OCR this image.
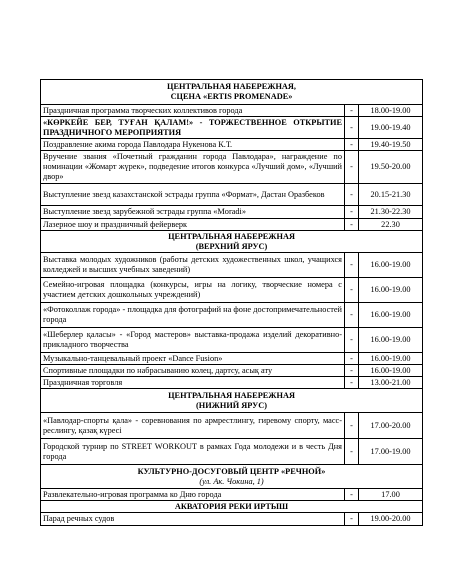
ЦЕНТРАЛЬНАЯ НАБЕРЕЖНАЯ,
СЦЕНА «ERTIS PROMENADE»		
Праздничная программа творческих коллективов города	-	18.00-19.00
«КӨРКЕЙЕ БЕР, ТУҒАН ҚАЛАМ!» - ТОРЖЕСТВЕННОЕ ОТКРЫТИЕ ПРАЗДНИЧНОГО МЕРОПРИЯТИЯ	-	19.00-19.40
Поздравление акима города Павлодара Нукенова К.Т.	-	19.40-19.50
Вручение звания «Почетный гражданин города Павлодара», награждение по номинации «Жомарт жүрек», подведение итогов конкурса «Лучший дом», «Лучший двор»	-	19.50-20.00
Выступление звезд казахстанской эстрады группа «Формат», Дастан Оразбеков	-	20.15-21.30
Выступление звезд зарубежной эстрады группа «Moradi»	-	21.30-22.30
Лазерное шоу и праздничный фейерверк	-	22.30
ЦЕНТРАЛЬНАЯ НАБЕРЕЖНАЯ
(ВЕРХНИЙ ЯРУС)		
Выставка молодых художников (работы детских художественных школ, учащихся колледжей и высших учебных заведений)	-	16.00-19.00
Семейно-игровая площадка (конкурсы, игры на логику, творческие номера с участием детских дошкольных учреждений)	-	16.00-19.00
«Фотоколлаж города» - площадка для фотографий на фоне достопримечательностей города	-	16.00-19.00
«Шеберлер қаласы» - «Город мастеров» выставка-продажа изделий декоративно-прикладного творчества	-	16.00-19.00
Музыкально-танцевальный проект «Dance Fusion»	-	16.00-19.00
Спортивные площадки по набрасыванию колец, дартсу, асық ату	-	16.00-19.00
Праздничная торговля	-	13.00-21.00
ЦЕНТРАЛЬНАЯ НАБЕРЕЖНАЯ
(НИЖНИЙ ЯРУС)		
«Павлодар-спорты қала» - соревнования по армрестлингу, гиревому спорту, масс-реслингу, қазақ күресі	-	17.00-20.00
Городской турнир по STREET WORKOUT в рамках Года молодежи и в честь Дня города	-	17.00-19.00
КУЛЬТУРНО-ДОСУГОВЫЙ ЦЕНТР «РЕЧНОЙ»
(ул. Ак. Чокина, 1)		

Развлекательно-игровая программа ко Дню города	-	17.00
АКВАТОРИЯ РЕКИ ИРТЫШ		
Парад речных судов	-	19.00-20.00
